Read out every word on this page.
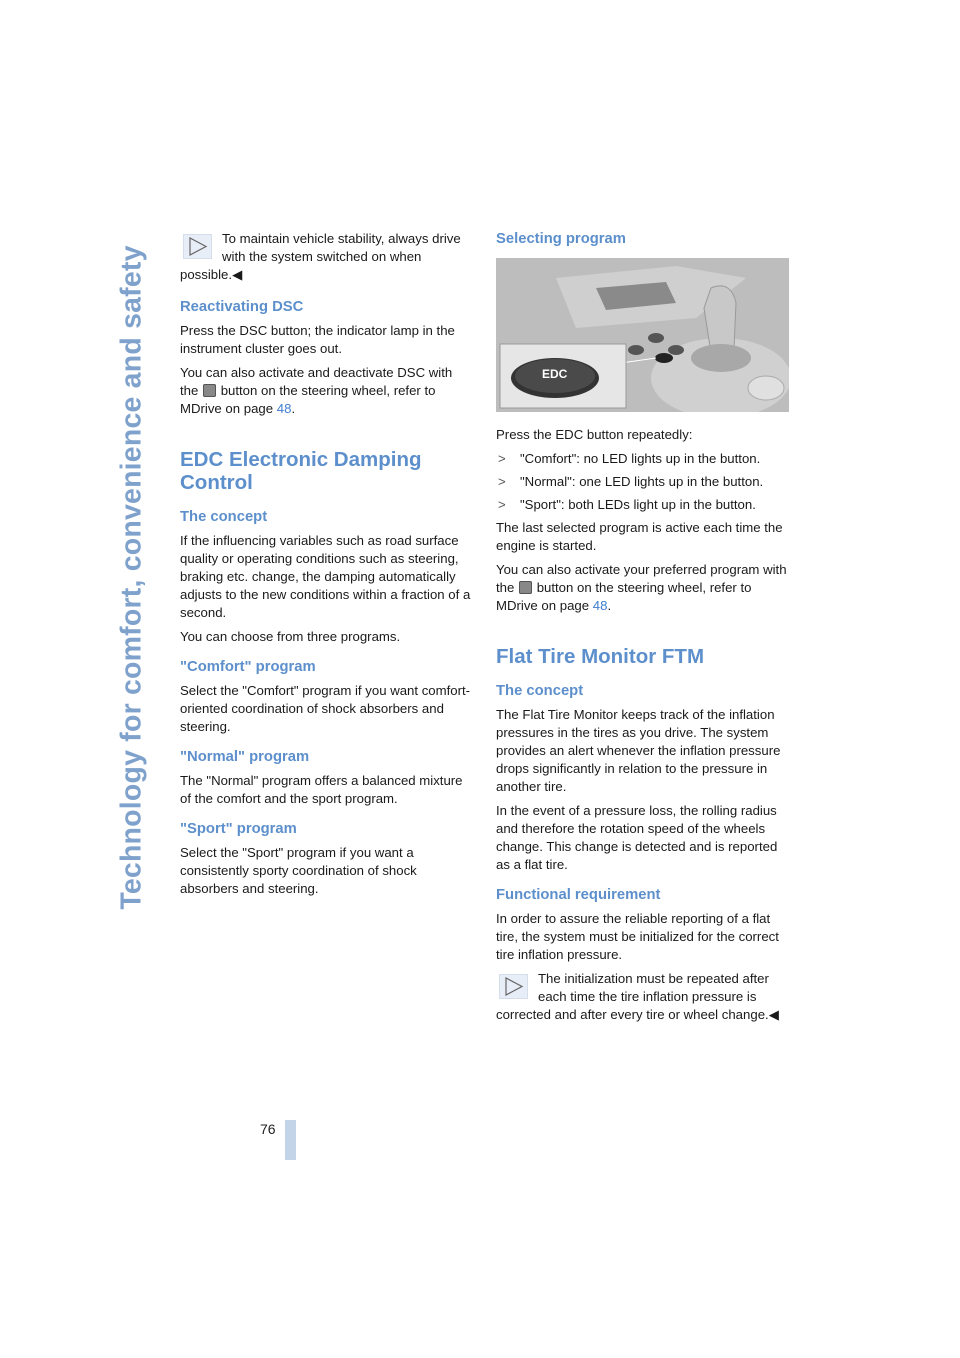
Technology for comfort, convenience and safety
76

To maintain vehicle stability, always drive with the system switched on when possible.◀

Reactivating DSC

Press the DSC button; the indicator lamp in the instrument cluster goes out.

You can also activate and deactivate DSC with the button on the steering wheel, refer to MDrive on page 48.

EDC Electronic Damping Control
The concept

If the influencing variables such as road surface quality or operating conditions such as steering, braking etc. change, the damping automatically adjusts to the new conditions within a fraction of a second.

You can choose from three programs.

"Comfort" program

Select the "Comfort" program if you want comfort-oriented coordination of shock absorbers and steering.

"Normal" program

The "Normal" program offers a balanced mixture of the comfort and the sport program.

"Sport" program

Select the "Sport" program if you want a consistently sporty coordination of shock absorbers and steering.

Selecting program
EDC

Press the EDC button repeatedly:

> "Comfort": no LED lights up in the button.
> "Normal": one LED lights up in the button.
> "Sport": both LEDs light up in the button.

The last selected program is active each time the engine is started.

You can also activate your preferred program with the button on the steering wheel, refer to MDrive on page 48.

Flat Tire Monitor FTM
The concept

The Flat Tire Monitor keeps track of the inflation pressures in the tires as you drive. The system provides an alert whenever the inflation pressure drops significantly in relation to the pressure in another tire.

In the event of a pressure loss, the rolling radius and therefore the rotation speed of the wheels change. This change is detected and is reported as a flat tire.

Functional requirement

In order to assure the reliable reporting of a flat tire, the system must be initialized for the correct tire inflation pressure.

The initialization must be repeated after each time the tire inflation pressure is corrected and after every tire or wheel change.◀
